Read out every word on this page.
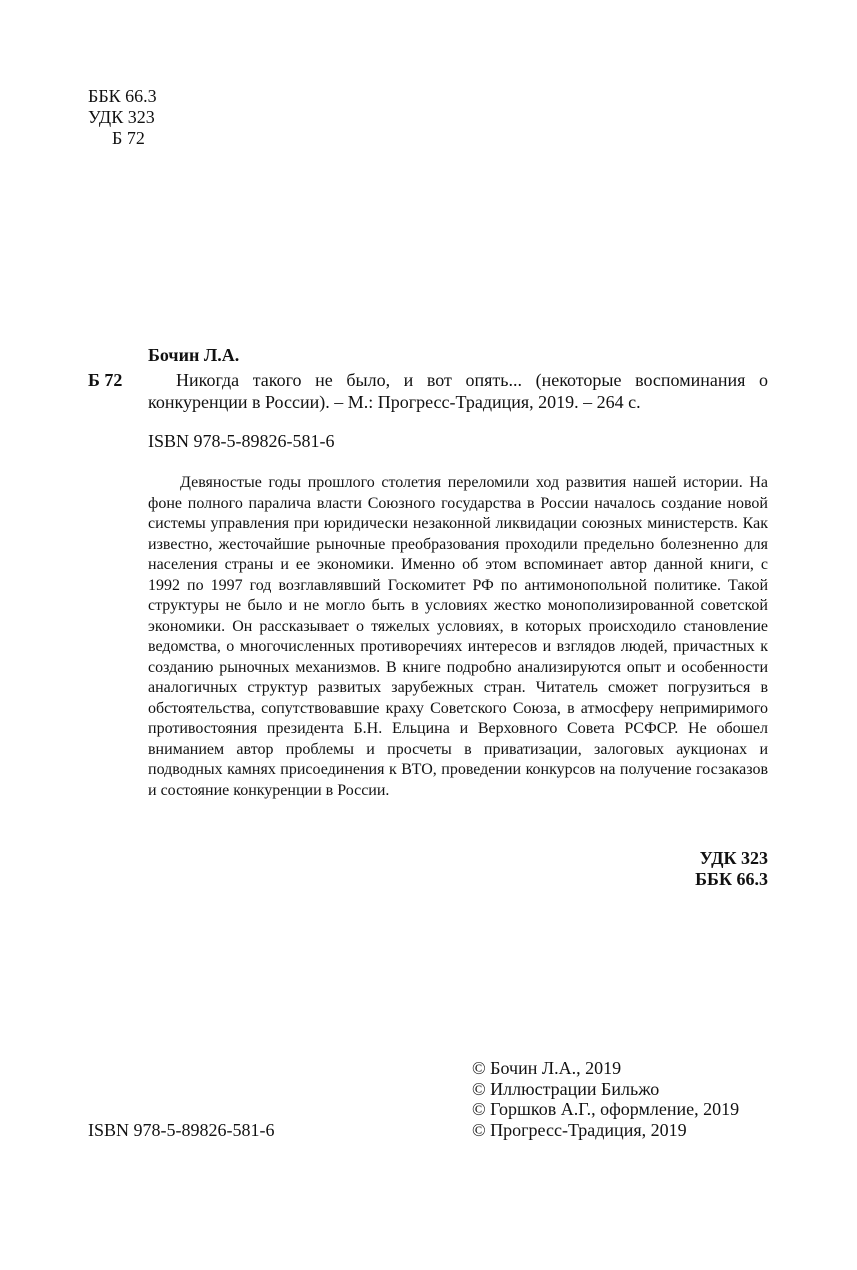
ББК 66.3
УДК 323
Б 72
Бочин Л.А.
Б 72	Никогда такого не было, и вот опять... (некоторые воспоминания о конкуренции в России). – М.: Прогресс-Традиция, 2019. – 264 с.
ISBN 978-5-89826-581-6

Девяностые годы прошлого столетия переломили ход развития нашей истории. На фоне полного паралича власти Союзного государства в России началось создание новой системы управления при юридически незаконной ликвидации союзных министерств. Как известно, жесточайшие рыночные преобразования проходили предельно болезненно для населения страны и ее экономики. Именно об этом вспоминает автор данной книги, с 1992 по 1997 год возглавлявший Госкомитет РФ по антимонопольной политике. Такой структуры не было и не могло быть в условиях жестко монополизированной советской экономики. Он рассказывает о тяжелых условиях, в которых происходило становление ведомства, о многочисленных противоречиях интересов и взглядов людей, причастных к созданию рыночных механизмов. В книге подробно анализируются опыт и особенности аналогичных структур развитых зарубежных стран. Читатель сможет погрузиться в обстоятельства, сопутствовавшие краху Советского Союза, в атмосферу непримиримого противостояния президента Б.Н. Ельцина и Верховного Совета РСФСР. Не обошел вниманием автор проблемы и просчеты в приватизации, залоговых аукционах и подводных камнях присоединения к ВТО, проведении конкурсов на получение госзаказов и состояние конкуренции в России.

УДК 323
ББК 66.3
ISBN 978-5-89826-581-6
© Бочин Л.А., 2019
© Иллюстрации Бильжо
© Горшков А.Г., оформление, 2019
© Прогресс-Традиция, 2019
